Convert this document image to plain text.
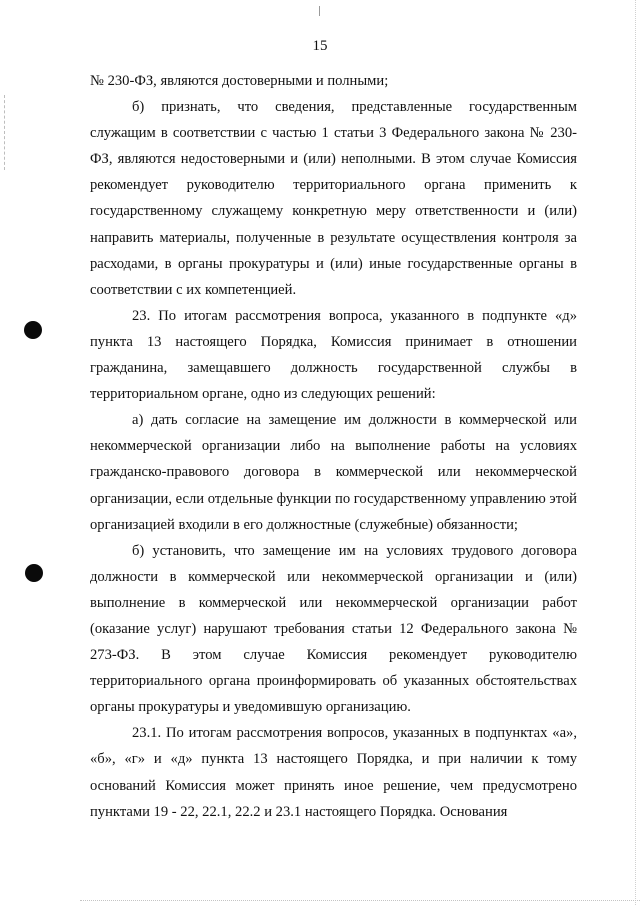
15

№ 230-ФЗ, являются достоверными и полными;

б) признать, что сведения, представленные государственным служащим в соответствии с частью 1 статьи 3 Федерального закона № 230-ФЗ, являются недостоверными и (или) неполными. В этом случае Комиссия рекомендует руководителю территориального органа применить к государственному служащему конкретную меру ответственности и (или) направить материалы, полученные в результате осуществления контроля за расходами, в органы прокуратуры и (или) иные государственные органы в соответствии с их компетенцией.

23. По итогам рассмотрения вопроса, указанного в подпункте «д» пункта 13 настоящего Порядка, Комиссия принимает в отношении гражданина, замещавшего должность государственной службы в территориальном органе, одно из следующих решений:

а) дать согласие на замещение им должности в коммерческой или некоммерческой организации либо на выполнение работы на условиях гражданско-правового договора в коммерческой или некоммерческой организации, если отдельные функции по государственному управлению этой организацией входили в его должностные (служебные) обязанности;

б) установить, что замещение им на условиях трудового договора должности в коммерческой или некоммерческой организации и (или) выполнение в коммерческой или некоммерческой организации работ (оказание услуг) нарушают требования статьи 12 Федерального закона № 273-ФЗ. В этом случае Комиссия рекомендует руководителю территориального органа проинформировать об указанных обстоятельствах органы прокуратуры и уведомившую организацию.

23.1. По итогам рассмотрения вопросов, указанных в подпунктах «а», «б», «г» и «д» пункта 13 настоящего Порядка, и при наличии к тому оснований Комиссия может принять иное решение, чем предусмотрено пунктами 19 - 22, 22.1, 22.2 и 23.1 настоящего Порядка. Основания
